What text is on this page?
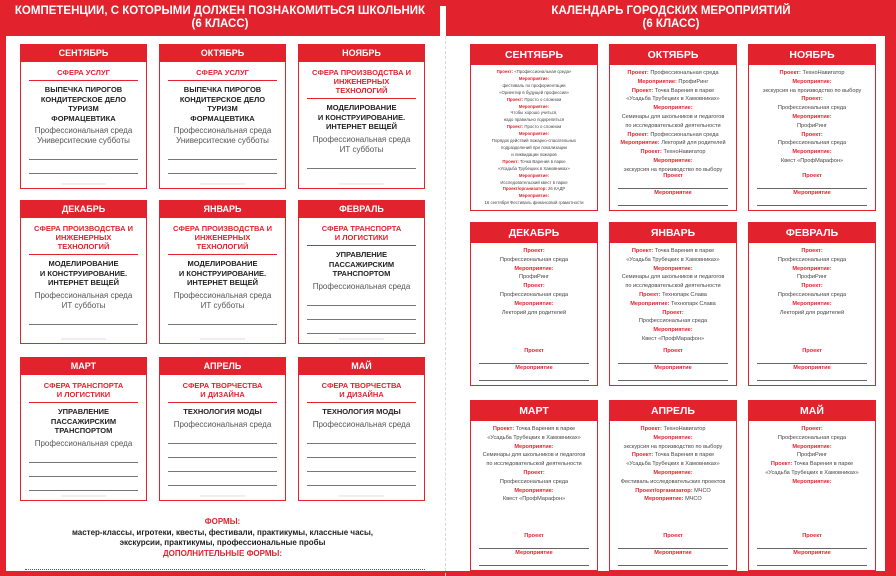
КОМПЕТЕНЦИИ, С КОТОРЫМИ ДОЛЖЕН ПОЗНАКОМИТЬСЯ ШКОЛЬНИК
(6 КЛАСС)
КАЛЕНДАРЬ ГОРОДСКИХ МЕРОПРИЯТИЙ
(6 КЛАСС)
СЕНТЯБРЬ
СФЕРА УСЛУГ
ВЫПЕЧКА ПИРОГОВ
КОНДИТЕРСКОЕ ДЕЛО
ТУРИЗМ
ФОРМАЦЕВТИКА
Профессиональная среда
Университеские субботы
ОКТЯБРЬ
СФЕРА УСЛУГ
ВЫПЕЧКА ПИРОГОВ
КОНДИТЕРСКОЕ ДЕЛО
ТУРИЗМ
ФОРМАЦЕВТИКА
Профессиональная среда
Университеские субботы
НОЯБРЬ
СФЕРА ПРОИЗВОДСТВА И
ИНЖЕНЕРНЫХ ТЕХНОЛОГИЙ
МОДЕЛИРОВАНИЕ
И КОНСТРУИРОВАНИЕ.
ИНТЕРНЕТ ВЕЩЕЙ
Профессиональная среда
ИТ субботы
ДЕКАБРЬ
СФЕРА ПРОИЗВОДСТВА И
ИНЖЕНЕРНЫХ ТЕХНОЛОГИЙ
МОДЕЛИРОВАНИЕ
И КОНСТРУИРОВАНИЕ.
ИНТЕРНЕТ ВЕЩЕЙ
Профессиональная среда
ИТ субботы
ЯНВАРЬ
СФЕРА ПРОИЗВОДСТВА И
ИНЖЕНЕРНЫХ ТЕХНОЛОГИЙ
МОДЕЛИРОВАНИЕ
И КОНСТРУИРОВАНИЕ.
ИНТЕРНЕТ ВЕЩЕЙ
Профессиональная среда
ИТ субботы
ФЕВРАЛЬ
СФЕРА ТРАНСПОРТА
И ЛОГИСТИКИ
УПРАВЛЕНИЕ
ПАССАЖИРСКИМ ТРАНСПОРТОМ
Профессиональная среда
МАРТ
СФЕРА ТРАНСПОРТА
И ЛОГИСТИКИ
УПРАВЛЕНИЕ
ПАССАЖИРСКИМ ТРАНСПОРТОМ
Профессиональная среда
АПРЕЛЬ
СФЕРА ТВОРЧЕСТВА
И ДИЗАЙНА
ТЕХНОЛОГИЯ МОДЫ
Профессиональная среда
МАЙ
СФЕРА ТВОРЧЕСТВА
И ДИЗАЙНА
ТЕХНОЛОГИЯ МОДЫ
Профессиональная среда
СЕНТЯБРЬ
Проект: «Профессиональная среда»
Мероприятие:
фестиваль по профориентации
«Ориентир в будущей профессии»
Проект: Просто о сложном
Мероприятие:
Чтобы хорошо учиться,
надо правильно подкрепиться
Проект: Просто о сложном
Мероприятие:
Порядок действий пожарно-спасательных
подразделений при локализации
и ликвидации пожаров
Проект: Точка Варения в парке
«Усадьба Трубецких в Хамовниках»
Мероприятие:
Исследовательский квест в парке
Проект/организатор: 26 КАДР
Мероприятие:
16 сентября Фестиваль финансовой грамотности
ОКТЯБРЬ
Проект: Профессиональная среда
Мероприятие: ПрофиРинг
Проект: Точка Варения в парке
«Усадьба Трубецких в Хамовниках»
Мероприятие:
Семинары для школьников и педагогов
по исследовательской деятельности
Проект: Профессиональная среда
Мероприятие: Лекторий для родителей
Проект: ТехноНавигатор
Мероприятие:
экскурсия на производство по выбору
Проект
Мероприятие
НОЯБРЬ
Проект: ТехноНавигатор
Мероприятие:
экскурсия на производство по выбору
Проект:
Профессиональная среда
Мероприятие:
ПрофиРинг
Проект:
Профессиональная среда
Мероприятие:
Квест «ПрофМарафон»
Проект
Мероприятие
ДЕКАБРЬ
Проект:
Профессиональная среда
Мероприятие:
ПрофиРинг
Проект:
Профессиональная среда
Мероприятие:
Лекторий для родителей
Проект
Мероприятие
ЯНВАРЬ
Проект: Точка Варения в парке
«Усадьба Трубецких в Хамовниках»
Мероприятие:
Семинары для школьников и педагогов
по исследовательской деятельности
Проект: Технопарк Слава
Мероприятие: Технопарк Слава
Проект:
Профессиональная среда
Мероприятие:
Квест «ПрофМарафон»
Проект
Мероприятие
ФЕВРАЛЬ
Проект:
Профессиональная среда
Мероприятие:
ПрофиРинг
Проект:
Профессиональная среда
Мероприятие:
Лекторий для родителей
Проект
Мероприятие
МАРТ
Проект: Точка Варения в парке
«Усадьба Трубецких в Хамовниках»
Мероприятие:
Семинары для школьников и педагогов
по исследовательской деятельности
Проект:
Профессиональная среда
Мероприятие:
Квест «ПрофМарафон»
Проект
Мероприятие
АПРЕЛЬ
Проект: ТехноНавигатор
Мероприятие:
экскурсия на производство по выбору
Проект: Точка Варения в парке
«Усадьба Трубецких в Хамовниках»
Мероприятие:
Фестиваль исследовательских проектов
Проект/организатор: МЧСО
Мероприятие: МЧСО
Проект
Мероприятие
МАЙ
Проект:
Профессиональная среда
Мероприятие:
ПрофиРинг
Проект: Точка Варения в парке
«Усадьба Трубецких в Хамовниках»
Мероприятие:
Проект
Мероприятие
ФОРМЫ:
мастер-классы, игротеки, квесты, фестивали, практикумы, классные часы,
экскурсии, практикумы, профессиональные пробы
ДОПОЛНИТЕЛЬНЫЕ ФОРМЫ:
